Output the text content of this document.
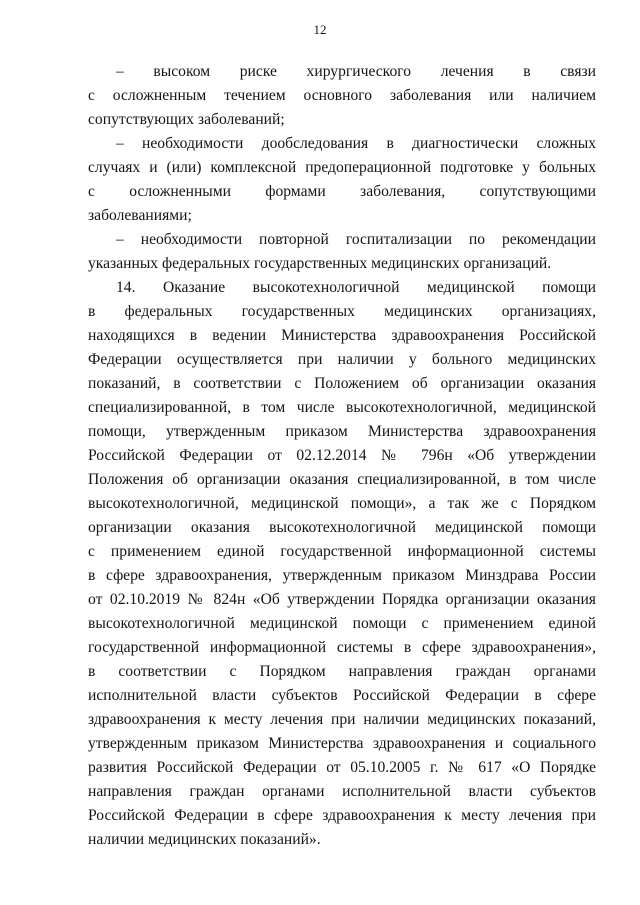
12
– высоком риске хирургического лечения в связи
с осложненным течением основного заболевания или наличием
сопутствующих заболеваний;
– необходимости дообследования в диагностически сложных
случаях и (или) комплексной предоперационной подготовке у больных
с осложненными формами заболевания, сопутствующими
заболеваниями;
– необходимости повторной госпитализации по рекомендации
указанных федеральных государственных медицинских организаций.
14. Оказание высокотехнологичной медицинской помощи
в федеральных государственных медицинских организациях,
находящихся в ведении Министерства здравоохранения Российской
Федерации осуществляется при наличии у больного медицинских
показаний, в соответствии с Положением об организации оказания
специализированной, в том числе высокотехнологичной, медицинской
помощи, утвержденным приказом Министерства здравоохранения
Российской Федерации от 02.12.2014 № 796н «Об утверждении
Положения об организации оказания специализированной, в том числе
высокотехнологичной, медицинской помощи», а так же с Порядком
организации оказания высокотехнологичной медицинской помощи
с применением единой государственной информационной системы
в сфере здравоохранения, утвержденным приказом Минздрава России
от 02.10.2019 № 824н «Об утверждении Порядка организации оказания
высокотехнологичной медицинской помощи с применением единой
государственной информационной системы в сфере здравоохранения»,
в соответствии с Порядком направления граждан органами
исполнительной власти субъектов Российской Федерации в сфере
здравоохранения к месту лечения при наличии медицинских показаний,
утвержденным приказом Министерства здравоохранения и социального
развития Российской Федерации от 05.10.2005 г. № 617 «О Порядке
направления граждан органами исполнительной власти субъектов
Российской Федерации в сфере здравоохранения к месту лечения при
наличии медицинских показаний».
